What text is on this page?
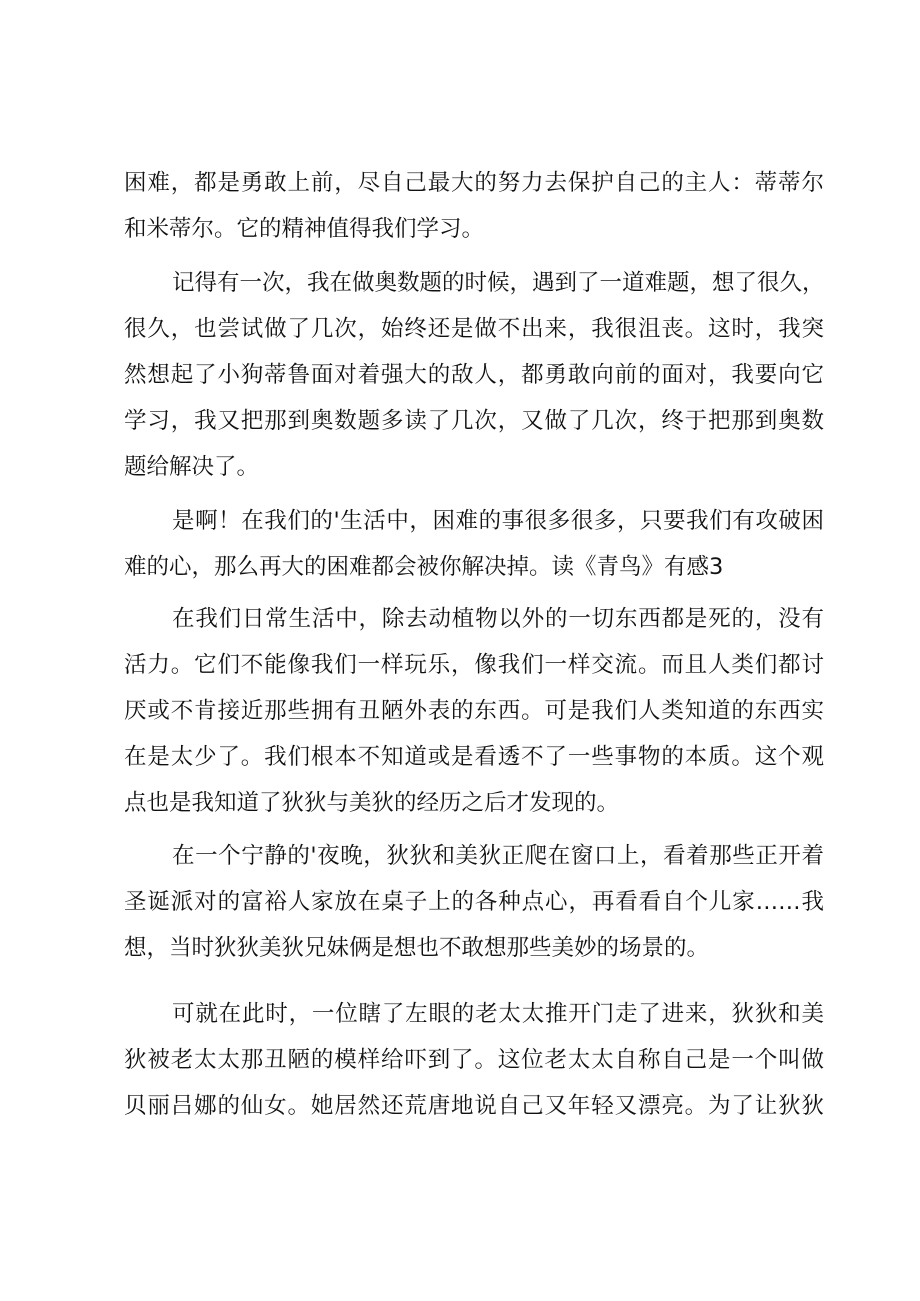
困难，都是勇敢上前，尽自己最大的努力去保护自己的主人：蒂蒂尔
和米蒂尔。它的精神值得我们学习。
记得有一次，我在做奥数题的时候，遇到了一道难题，想了很久，
很久，也尝试做了几次，始终还是做不出来，我很沮丧。这时，我突
然想起了小狗蒂鲁面对着强大的敌人，都勇敢向前的面对，我要向它
学习，我又把那到奥数题多读了几次，又做了几次，终于把那到奥数
题给解决了。
是啊！在我们的'生活中，困难的事很多很多，只要我们有攻破困
难的心，那么再大的困难都会被你解决掉。读《青鸟》有感3
在我们日常生活中，除去动植物以外的一切东西都是死的，没有
活力。它们不能像我们一样玩乐，像我们一样交流。而且人类们都讨
厌或不肯接近那些拥有丑陋外表的东西。可是我们人类知道的东西实
在是太少了。我们根本不知道或是看透不了一些事物的本质。这个观
点也是我知道了狄狄与美狄的经历之后才发现的。
在一个宁静的'夜晚，狄狄和美狄正爬在窗口上，看着那些正开着
圣诞派对的富裕人家放在桌子上的各种点心，再看看自个儿家……我
想，当时狄狄美狄兄妹俩是想也不敢想那些美妙的场景的。
可就在此时，一位瞎了左眼的老太太推开门走了进来，狄狄和美
狄被老太太那丑陋的模样给吓到了。这位老太太自称自己是一个叫做
贝丽吕娜的仙女。她居然还荒唐地说自己又年轻又漂亮。为了让狄狄
